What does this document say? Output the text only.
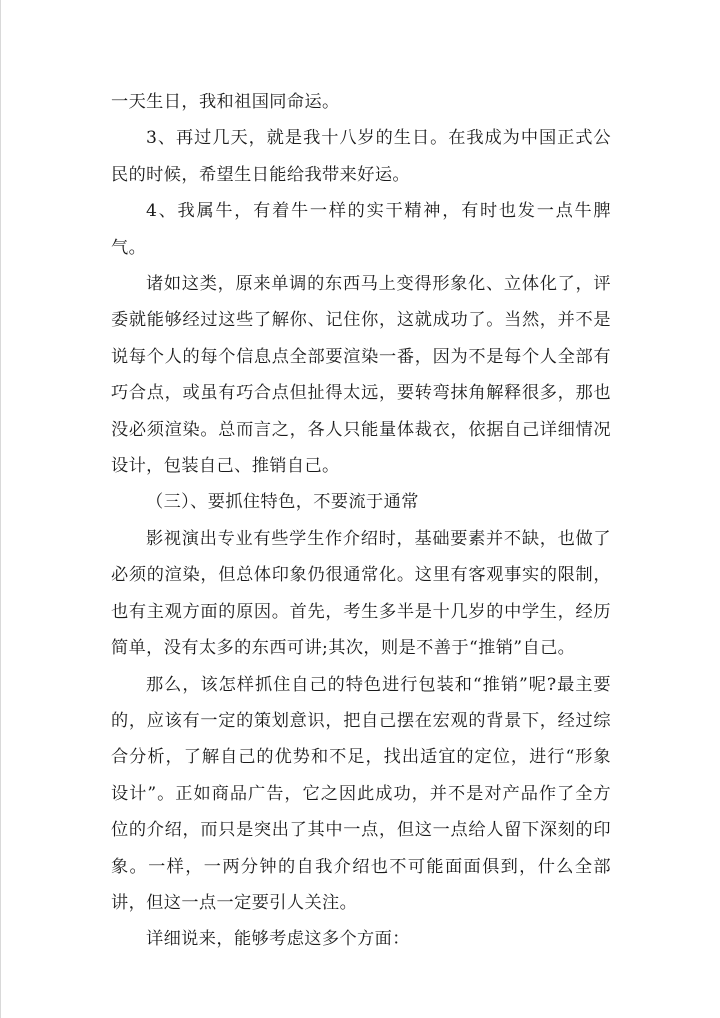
一天生日，我和祖国同命运。

3、再过几天，就是我十八岁的生日。在我成为中国正式公民的时候，希望生日能给我带来好运。

4、我属牛，有着牛一样的实干精神，有时也发一点牛脾气。

诸如这类，原来单调的东西马上变得形象化、立体化了，评委就能够经过这些了解你、记住你，这就成功了。当然，并不是说每个人的每个信息点全部要渲染一番，因为不是每个人全部有巧合点，或虽有巧合点但扯得太远，要转弯抹角解释很多，那也没必须渲染。总而言之，各人只能量体裁衣，依据自己详细情况设计，包装自己、推销自己。

（三）、要抓住特色，不要流于通常

影视演出专业有些学生作介绍时，基础要素并不缺，也做了必须的渲染，但总体印象仍很通常化。这里有客观事实的限制，也有主观方面的原因。首先，考生多半是十几岁的中学生，经历简单，没有太多的东西可讲;其次，则是不善于“推销”自己。

那么，该怎样抓住自己的特色进行包装和“推销”呢?最主要的，应该有一定的策划意识，把自己摆在宏观的背景下，经过综合分析，了解自己的优势和不足，找出适宜的定位，进行“形象设计”。正如商品广告，它之因此成功，并不是对产品作了全方位的介绍，而只是突出了其中一点，但这一点给人留下深刻的印象。一样，一两分钟的自我介绍也不可能面面俱到，什么全部讲，但这一点一定要引人关注。

详细说来，能够考虑这多个方面：
